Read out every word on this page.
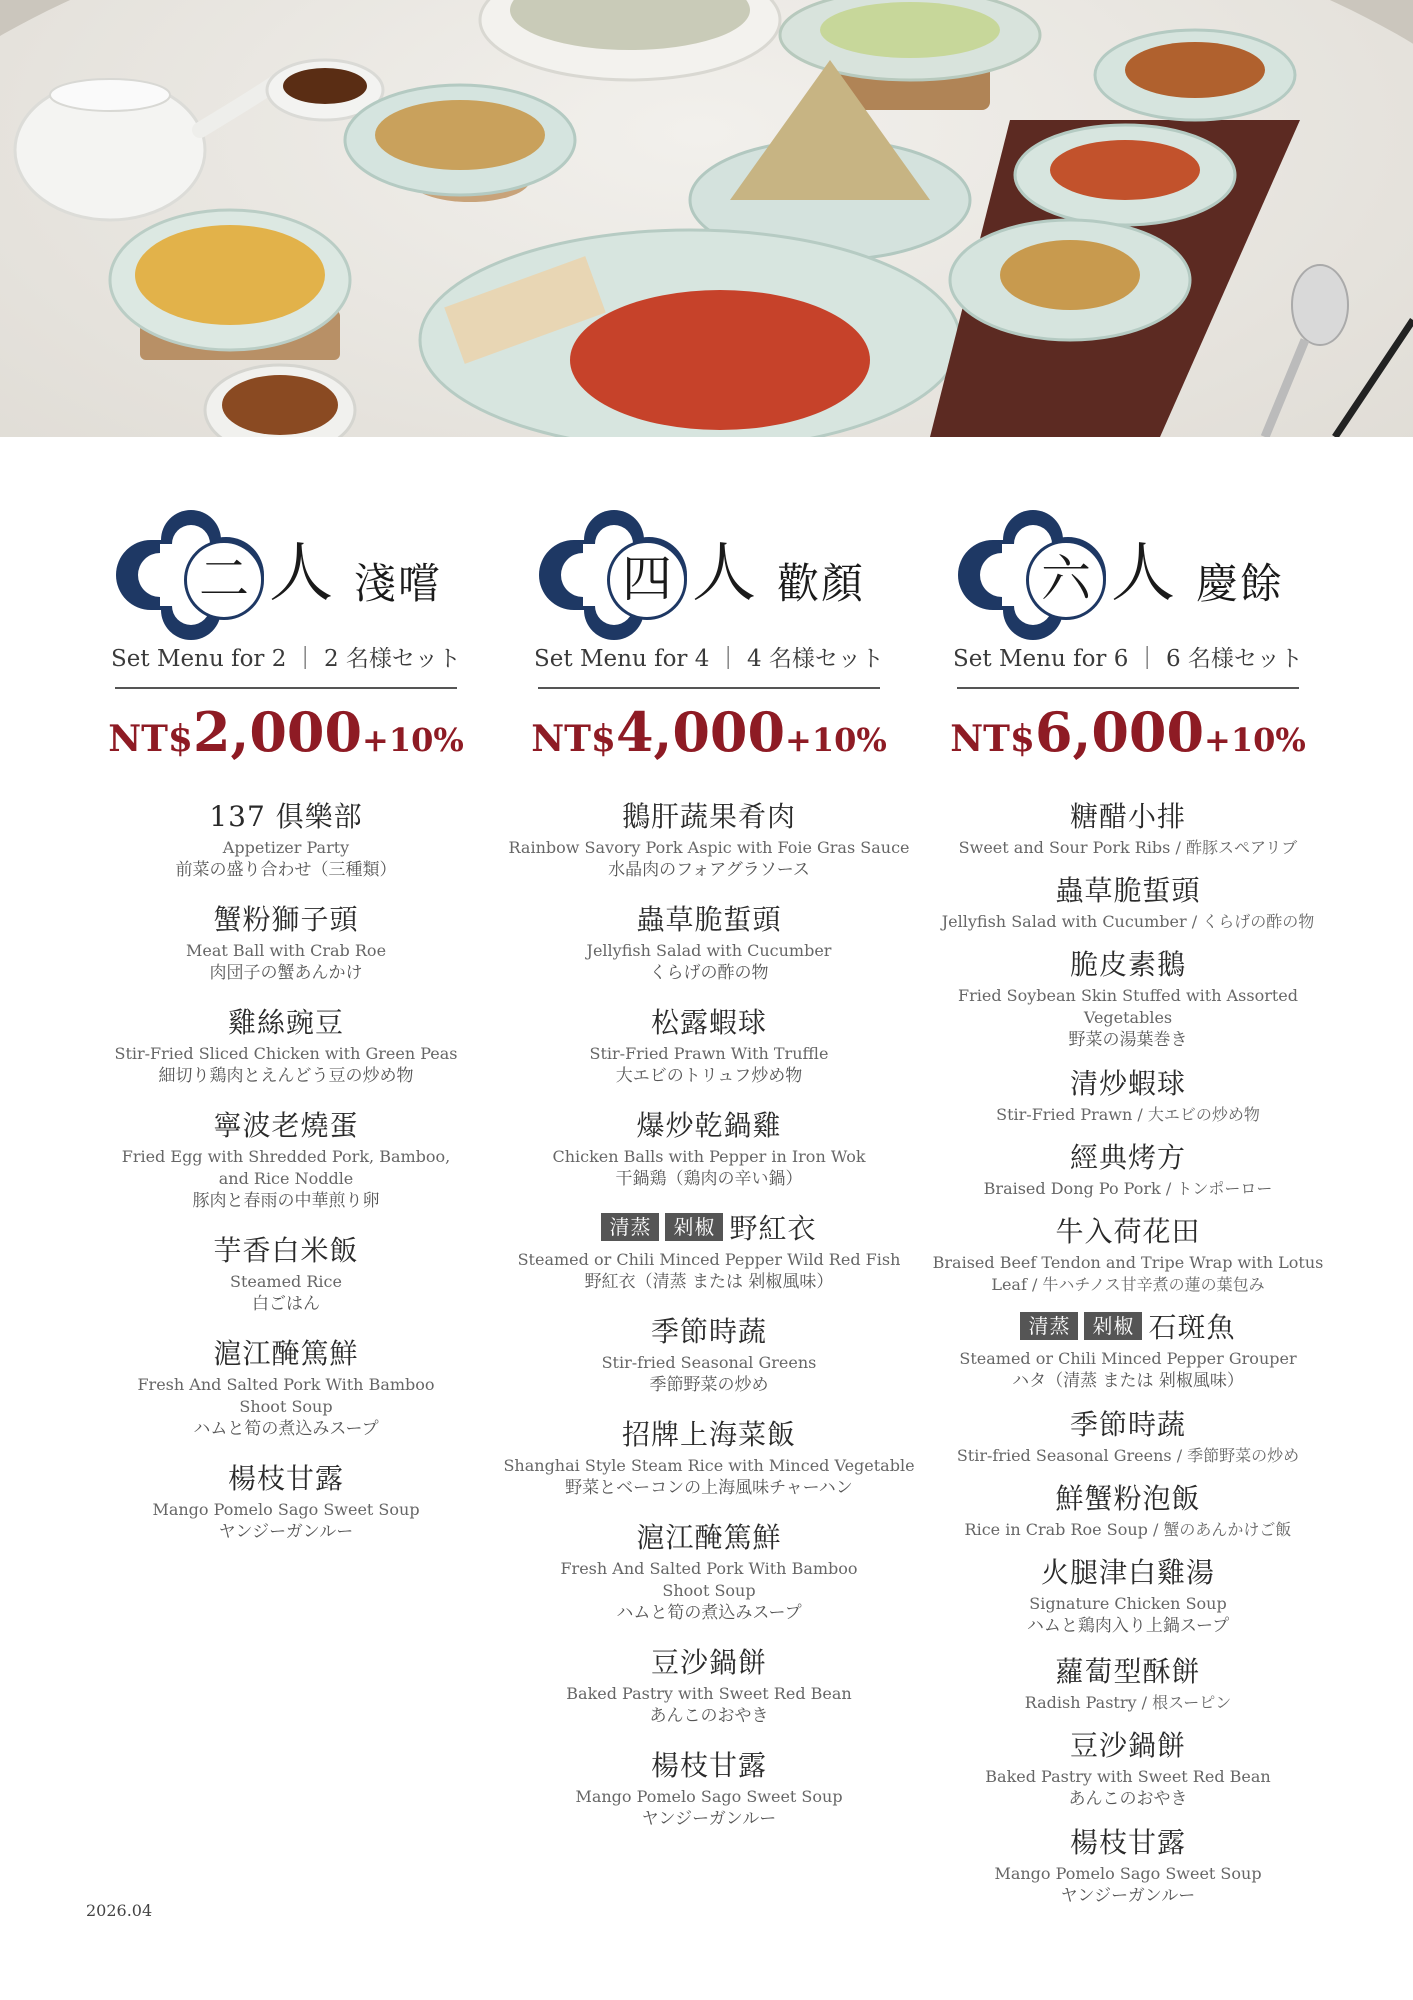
二 人 淺嚐
Set Menu for 2 ｜ 2 名様セット
NT$2,000+10%
137 俱樂部
Appetizer Party
前菜の盛り合わせ（三種類）
蟹粉獅子頭
Meat Ball with Crab Roe
肉団子の蟹あんかけ
雞絲豌豆
Stir-Fried Sliced Chicken with Green Peas
細切り鶏肉とえんどう豆の炒め物
寧波老燒蛋
Fried Egg with Shredded Pork, Bamboo,
and Rice Noddle
豚肉と春雨の中華煎り卵
芋香白米飯
Steamed Rice
白ごはん
滬江醃篤鮮
Fresh And Salted Pork With Bamboo
Shoot Soup
ハムと筍の煮込みスープ
楊枝甘露
Mango Pomelo Sago Sweet Soup
ヤンジーガンルー
四 人 歡顏
Set Menu for 4 ｜ 4 名様セット
NT$4,000+10%
鵝肝蔬果肴肉
Rainbow Savory Pork Aspic with Foie Gras Sauce
水晶肉のフォアグラソース
蟲草脆蜇頭
Jellyfish Salad with Cucumber
くらげの酢の物
松露蝦球
Stir-Fried Prawn With Truffle
大エビのトリュフ炒め物
爆炒乾鍋雞
Chicken Balls with Pepper in Iron Wok
干鍋鶏（鶏肉の辛い鍋）
清蒸 剁椒 野紅衣
Steamed or Chili Minced Pepper Wild Red Fish
野紅衣（清蒸 または 剁椒風味）
季節時蔬
Stir-fried Seasonal Greens
季節野菜の炒め
招牌上海菜飯
Shanghai Style Steam Rice with Minced Vegetable
野菜とベーコンの上海風味チャーハン
滬江醃篤鮮
Fresh And Salted Pork With Bamboo
Shoot Soup
ハムと筍の煮込みスープ
豆沙鍋餅
Baked Pastry with Sweet Red Bean
あんこのおやき
楊枝甘露
Mango Pomelo Sago Sweet Soup
ヤンジーガンルー
六 人 慶餘
Set Menu for 6 ｜ 6 名様セット
NT$6,000+10%
糖醋小排
Sweet and Sour Pork Ribs / 酢豚スペアリブ
蟲草脆蜇頭
Jellyfish Salad with Cucumber / くらげの酢の物
脆皮素鵝
Fried Soybean Skin Stuffed with Assorted Vegetables
野菜の湯葉巻き
清炒蝦球
Stir-Fried Prawn / 大エビの炒め物
經典烤方
Braised Dong Po Pork / トンポーロー
牛入荷花田
Braised Beef Tendon and Tripe Wrap with Lotus
Leaf / 牛ハチノス甘辛煮の蓮の葉包み
清蒸 剁椒 石斑魚
Steamed or Chili Minced Pepper Grouper
ハタ（清蒸 または 剁椒風味）
季節時蔬
Stir-fried Seasonal Greens / 季節野菜の炒め
鮮蟹粉泡飯
Rice in Crab Roe Soup / 蟹のあんかけご飯
火腿津白雞湯
Signature Chicken Soup
ハムと鶏肉入り上鍋スープ
蘿蔔型酥餅
Radish Pastry / 根スーピン
豆沙鍋餅
Baked Pastry with Sweet Red Bean
あんこのおやき
楊枝甘露
Mango Pomelo Sago Sweet Soup
ヤンジーガンルー
2026.04
